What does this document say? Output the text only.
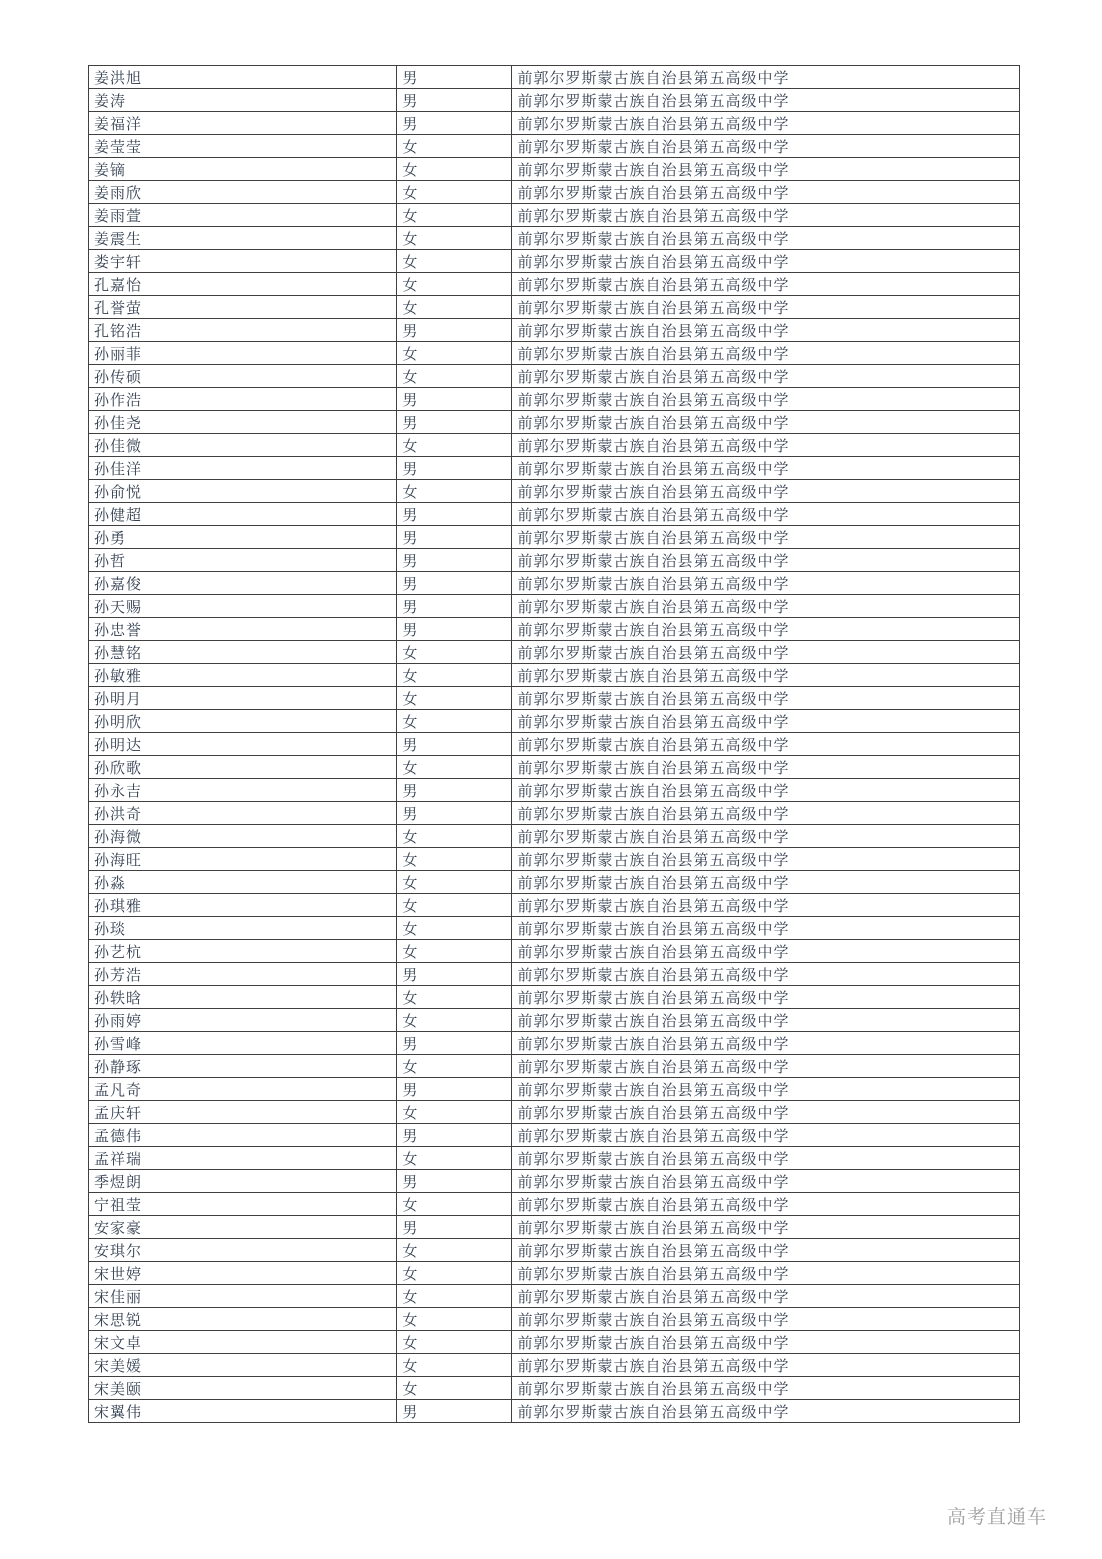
姜洪旭	男	前郭尔罗斯蒙古族自治县第五高级中学
姜涛	男	前郭尔罗斯蒙古族自治县第五高级中学
姜福洋	男	前郭尔罗斯蒙古族自治县第五高级中学
姜莹莹	女	前郭尔罗斯蒙古族自治县第五高级中学
姜镝	女	前郭尔罗斯蒙古族自治县第五高级中学
姜雨欣	女	前郭尔罗斯蒙古族自治县第五高级中学
姜雨萱	女	前郭尔罗斯蒙古族自治县第五高级中学
姜震生	女	前郭尔罗斯蒙古族自治县第五高级中学
娄宇轩	女	前郭尔罗斯蒙古族自治县第五高级中学
孔嘉怡	女	前郭尔罗斯蒙古族自治县第五高级中学
孔誉萤	女	前郭尔罗斯蒙古族自治县第五高级中学
孔铭浩	男	前郭尔罗斯蒙古族自治县第五高级中学
孙丽菲	女	前郭尔罗斯蒙古族自治县第五高级中学
孙传硕	女	前郭尔罗斯蒙古族自治县第五高级中学
孙作浩	男	前郭尔罗斯蒙古族自治县第五高级中学
孙佳尧	男	前郭尔罗斯蒙古族自治县第五高级中学
孙佳微	女	前郭尔罗斯蒙古族自治县第五高级中学
孙佳洋	男	前郭尔罗斯蒙古族自治县第五高级中学
孙俞悦	女	前郭尔罗斯蒙古族自治县第五高级中学
孙健超	男	前郭尔罗斯蒙古族自治县第五高级中学
孙勇	男	前郭尔罗斯蒙古族自治县第五高级中学
孙哲	男	前郭尔罗斯蒙古族自治县第五高级中学
孙嘉俊	男	前郭尔罗斯蒙古族自治县第五高级中学
孙天赐	男	前郭尔罗斯蒙古族自治县第五高级中学
孙忠誉	男	前郭尔罗斯蒙古族自治县第五高级中学
孙慧铭	女	前郭尔罗斯蒙古族自治县第五高级中学
孙敏雅	女	前郭尔罗斯蒙古族自治县第五高级中学
孙明月	女	前郭尔罗斯蒙古族自治县第五高级中学
孙明欣	女	前郭尔罗斯蒙古族自治县第五高级中学
孙明达	男	前郭尔罗斯蒙古族自治县第五高级中学
孙欣歌	女	前郭尔罗斯蒙古族自治县第五高级中学
孙永吉	男	前郭尔罗斯蒙古族自治县第五高级中学
孙洪奇	男	前郭尔罗斯蒙古族自治县第五高级中学
孙海微	女	前郭尔罗斯蒙古族自治县第五高级中学
孙海旺	女	前郭尔罗斯蒙古族自治县第五高级中学
孙淼	女	前郭尔罗斯蒙古族自治县第五高级中学
孙琪雅	女	前郭尔罗斯蒙古族自治县第五高级中学
孙琰	女	前郭尔罗斯蒙古族自治县第五高级中学
孙艺杭	女	前郭尔罗斯蒙古族自治县第五高级中学
孙芳浩	男	前郭尔罗斯蒙古族自治县第五高级中学
孙轶晗	女	前郭尔罗斯蒙古族自治县第五高级中学
孙雨婷	女	前郭尔罗斯蒙古族自治县第五高级中学
孙雪峰	男	前郭尔罗斯蒙古族自治县第五高级中学
孙静琢	女	前郭尔罗斯蒙古族自治县第五高级中学
孟凡奇	男	前郭尔罗斯蒙古族自治县第五高级中学
孟庆轩	女	前郭尔罗斯蒙古族自治县第五高级中学
孟德伟	男	前郭尔罗斯蒙古族自治县第五高级中学
孟祥瑞	女	前郭尔罗斯蒙古族自治县第五高级中学
季煜朗	男	前郭尔罗斯蒙古族自治县第五高级中学
宁祖莹	女	前郭尔罗斯蒙古族自治县第五高级中学
安家豪	男	前郭尔罗斯蒙古族自治县第五高级中学
安琪尔	女	前郭尔罗斯蒙古族自治县第五高级中学
宋世婷	女	前郭尔罗斯蒙古族自治县第五高级中学
宋佳丽	女	前郭尔罗斯蒙古族自治县第五高级中学
宋思锐	女	前郭尔罗斯蒙古族自治县第五高级中学
宋文卓	女	前郭尔罗斯蒙古族自治县第五高级中学
宋美媛	女	前郭尔罗斯蒙古族自治县第五高级中学
宋美颐	女	前郭尔罗斯蒙古族自治县第五高级中学
宋翼伟	男	前郭尔罗斯蒙古族自治县第五高级中学
高考直通车
